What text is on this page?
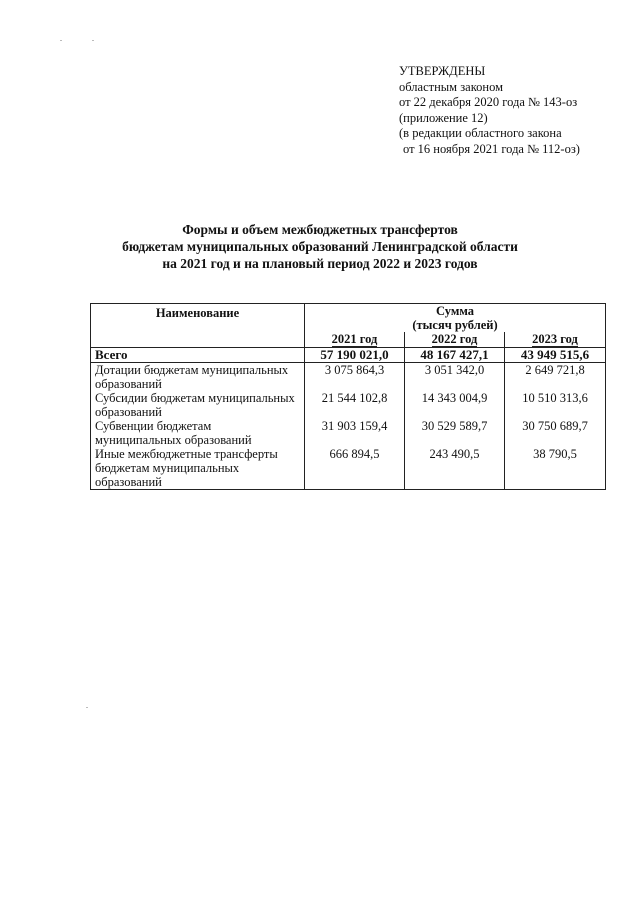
УТВЕРЖДЕНЫ
областным законом
от 22 декабря 2020 года № 143-оз
(приложение 12)
(в редакции областного закона
от 16 ноября 2021 года № 112-оз)
Формы и объем межбюджетных трансфертов
бюджетам муниципальных образований Ленинградской области
на 2021 год и на плановый период 2022 и 2023 годов
Наименование	Сумма
(тысяч рублей)		

	2021 год	2022 год	2023 год
Всего	57 190 021,0	48 167 427,1	43 949 515,6
Дотации бюджетам муниципальных образований	3 075 864,3	3 051 342,0	2 649 721,8
Субсидии бюджетам муниципальных образований	21 544 102,8	14 343 004,9	10 510 313,6
Субвенции бюджетам муниципальных образований	31 903 159,4	30 529 589,7	30 750 689,7
Иные межбюджетные трансферты бюджетам муниципальных образований	666 894,5	243 490,5	38 790,5
